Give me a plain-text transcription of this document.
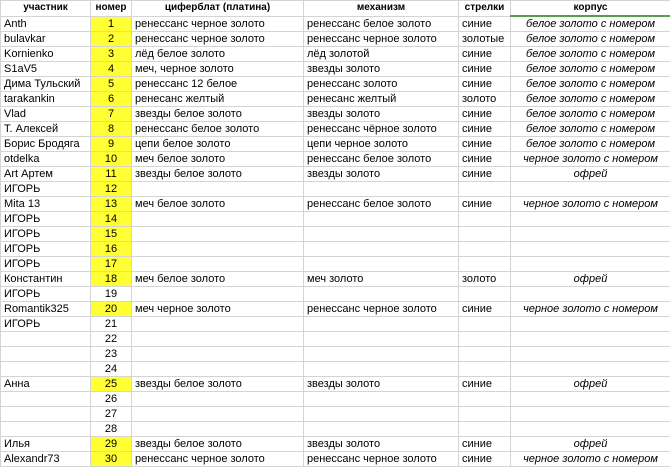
участник	номер	циферблат (платина)	механизм	стрелки	корпус
Anth	1	ренессанс черное золото	ренессанс белое золото	синие	белое золото с номером
bulavkar	2	ренессанс черное золото	ренессанс черное золото	золотые	белое золото с номером
Kornienko	3	лёд белое золото	лёд золотой	синие	белое золото с номером
S1aV5	4	меч, черное золото	звезды золото	синие	белое золото с номером
Дима Тульский	5	ренессанс 12 белое	ренессанс золото	синие	белое золото с номером
tarakankin	6	ренесанс желтый	ренесанс желтый	золото	белое золото с номером
Vlad	7	звезды белое золото	звезды золото	синие	белое золото с номером
Т. Алексей	8	ренессанс белое золото	ренессанс чёрное золото	синие	белое золото с номером
Борис Бродяга	9	цепи белое золото	цепи черное золото	синие	белое золото с номером
otdelka	10	меч белое золото	ренессанс белое золото	синие	черное золото с номером
Art Артем	11	звезды белое золото	звезды золото	синие	офрей
ИГОРЬ	12				
Mita 13	13	меч белое золото	ренессанс белое золото	синие	черное золото с номером
ИГОРЬ	14				
ИГОРЬ	15				
ИГОРЬ	16				
ИГОРЬ	17				
Константин	18	меч белое золото	меч золото	золото	офрей
ИГОРЬ	19				
Romantik325	20	меч черное золото	ренессанс черное золото	синие	черное золото с номером
ИГОРЬ	21				
	22				
	23				
	24				
Анна	25	звезды белое золото	звезды золото	синие	офрей
	26				
	27				
	28				
Илья	29	звезды белое золото	звезды золото	синие	офрей
Alexandr73	30	ренессанс черное золото	ренессанс черное золото	синие	черное золото с номером
